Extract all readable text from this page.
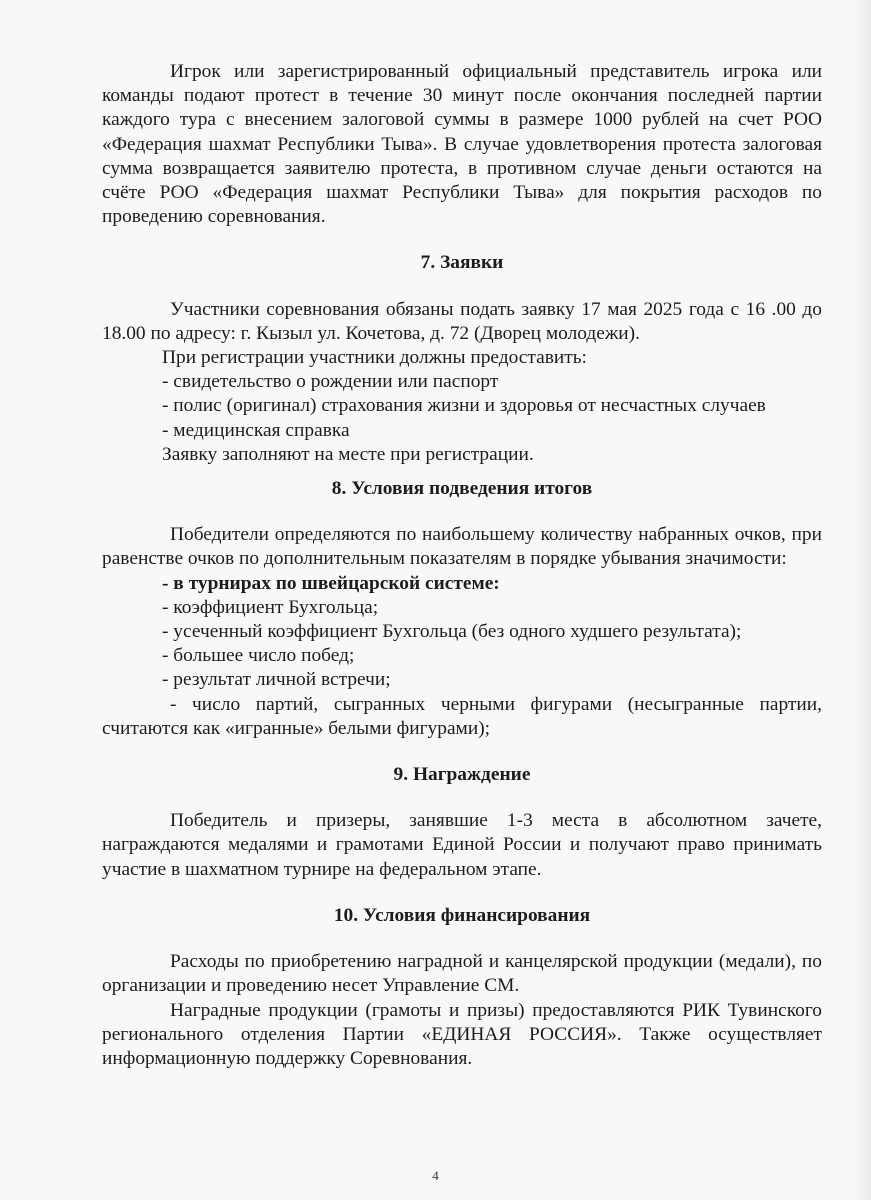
Игрок или зарегистрированный официальный представитель игрока или команды подают протест в течение 30 минут после окончания последней партии каждого тура с внесением залоговой суммы в размере 1000 рублей на счет РОО «Федерация шахмат Республики Тыва». В случае удовлетворения протеста залоговая сумма возвращается заявителю протеста, в противном случае деньги остаются на счёте РОО «Федерация шахмат Республики Тыва» для покрытия расходов по проведению соревнования.

7. Заявки

Участники соревнования обязаны подать заявку 17 мая 2025 года с 16 .00 до 18.00 по адресу: г. Кызыл ул. Кочетова, д. 72 (Дворец молодежи).

При регистрации участники должны предоставить:

- свидетельство о рождении или паспорт

- полис (оригинал) страхования жизни и здоровья от несчастных случаев

- медицинская справка

Заявку заполняют на месте при регистрации.

8. Условия подведения итогов

Победители определяются по наибольшему количеству набранных очков, при равенстве очков по дополнительным показателям в порядке убывания значимости:

- в турнирах по швейцарской системе:

- коэффициент Бухгольца;

- усеченный коэффициент Бухгольца (без одного худшего результата);

- большее число побед;

- результат личной встречи;

- число партий, сыгранных черными фигурами (несыгранные партии, считаются как «игранные» белыми фигурами);

9. Награждение

Победитель и призеры, занявшие 1-3 места в абсолютном зачете, награждаются медалями и грамотами Единой России и получают право принимать участие в шахматном турнире на федеральном этапе.

10. Условия финансирования

Расходы по приобретению наградной и канцелярской продукции (медали), по организации и проведению несет Управление СМ.

Наградные продукции (грамоты и призы) предоставляются РИК Тувинского регионального отделения Партии «ЕДИНАЯ РОССИЯ». Также осуществляет информационную поддержку Соревнования.

4
